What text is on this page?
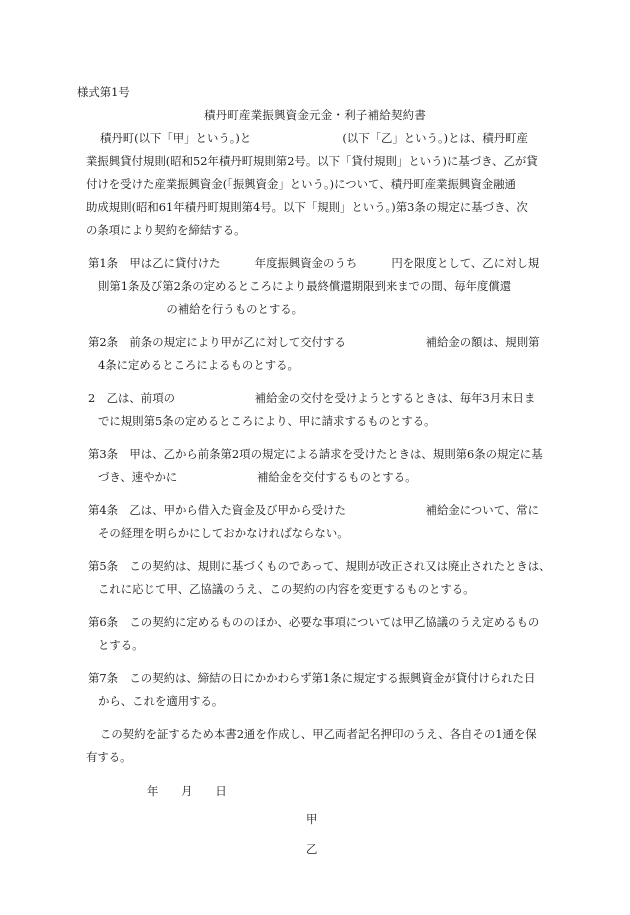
様式第1号
積丹町産業振興資金元金・利子補給契約書
積丹町(以下「甲」という。)と　　　　　　　　(以下「乙」という。)とは、積丹町産
業振興貸付規則(昭和52年積丹町規則第2号。以下「貸付規則」という)に基づき、乙が貸
付けを受けた産業振興資金(「振興資金」という。)について、積丹町産業振興資金融通
助成規則(昭和61年積丹町規則第4号。以下「規則」という。)第3条の規定に基づき、次
の条項により契約を締結する。
第1条　甲は乙に貸付けた　　　年度振興資金のうち　　　円を限度として、乙に対し規
則第1条及び第2条の定めるところにより最終償還期限到来までの間、毎年度償還
　　　　　　の補給を行うものとする。
第2条　前条の規定により甲が乙に対して交付する　　　　　　　補給金の額は、規則第
4条に定めるところによるものとする。
2　乙は、前項の　　　　　　　補給金の交付を受けようとするときは、毎年3月末日ま
でに規則第5条の定めるところにより、甲に請求するものとする。
第3条　甲は、乙から前条第2項の規定による請求を受けたときは、規則第6条の規定に基
づき、速やかに　　　　　　　補給金を交付するものとする。
第4条　乙は、甲から借入た資金及び甲から受けた　　　　　　　補給金について、常に
その経理を明らかにしておかなければならない。
第5条　この契約は、規則に基づくものであって、規則が改正され又は廃止されたときは、
これに応じて甲、乙協議のうえ、この契約の内容を変更するものとする。
第6条　この契約に定めるもののほか、必要な事項については甲乙協議のうえ定めるもの
とする。
第7条　この契約は、締結の日にかかわらず第1条に規定する振興資金が貸付けられた日
から、これを適用する。
この契約を証するため本書2通を作成し、甲乙両者記名押印のうえ、各自その1通を保
有する。
年　　月　　日
甲
乙
